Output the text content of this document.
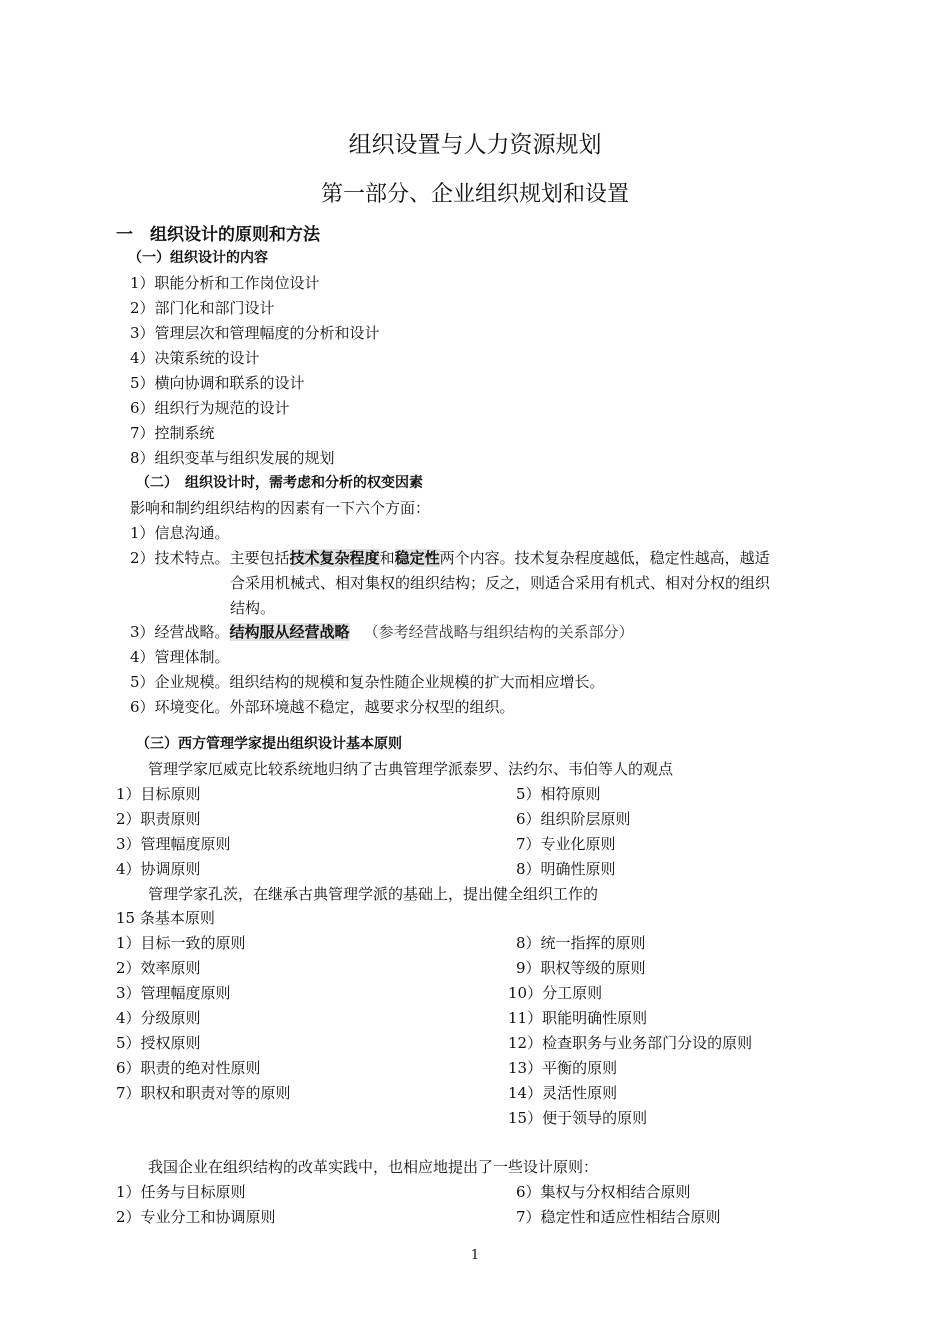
组织设置与人力资源规划
第一部分、企业组织规划和设置
一　组织设计的原则和方法
（一）组织设计的内容
1）职能分析和工作岗位设计
2）部门化和部门设计
3）管理层次和管理幅度的分析和设计
4）决策系统的设计
5）横向协调和联系的设计
6）组织行为规范的设计
7）控制系统
8）组织变革与组织发展的规划
（二）　组织设计时，需考虑和分析的权变因素
影响和制约组织结构的因素有一下六个方面：
1）信息沟通。
2）技术特点。主要包括技术复杂程度和稳定性两个内容。技术复杂程度越低，稳定性越高，越适
合采用机械式、相对集权的组织结构；反之，则适合采用有机式、相对分权的组织
结构。
3）经营战略。结构服从经营战略 （参考经营战略与组织结构的关系部分）
4）管理体制。
5）企业规模。组织结构的规模和复杂性随企业规模的扩大而相应增长。
6）环境变化。外部环境越不稳定，越要求分权型的组织。
（三）西方管理学家提出组织设计基本原则
管理学家厄威克比较系统地归纳了古典管理学派泰罗、法约尔、韦伯等人的观点
1）目标原则
2）职责原则
3）管理幅度原则
4）协调原则
5）相符原则
6）组织阶层原则
7）专业化原则
8）明确性原则
管理学家孔茨，在继承古典管理学派的基础上，提出健全组织工作的
15 条基本原则
1）目标一致的原则
2）效率原则
3）管理幅度原则
4）分级原则
5）授权原则
6）职责的绝对性原则
7）职权和职责对等的原则
8）统一指挥的原则
9）职权等级的原则
10）分工原则
11）职能明确性原则
12）检查职务与业务部门分设的原则
13）平衡的原则
14）灵活性原则
15）便于领导的原则
我国企业在组织结构的改革实践中，也相应地提出了一些设计原则：
1）任务与目标原则
2）专业分工和协调原则
6）集权与分权相结合原则
7）稳定性和适应性相结合原则
1
